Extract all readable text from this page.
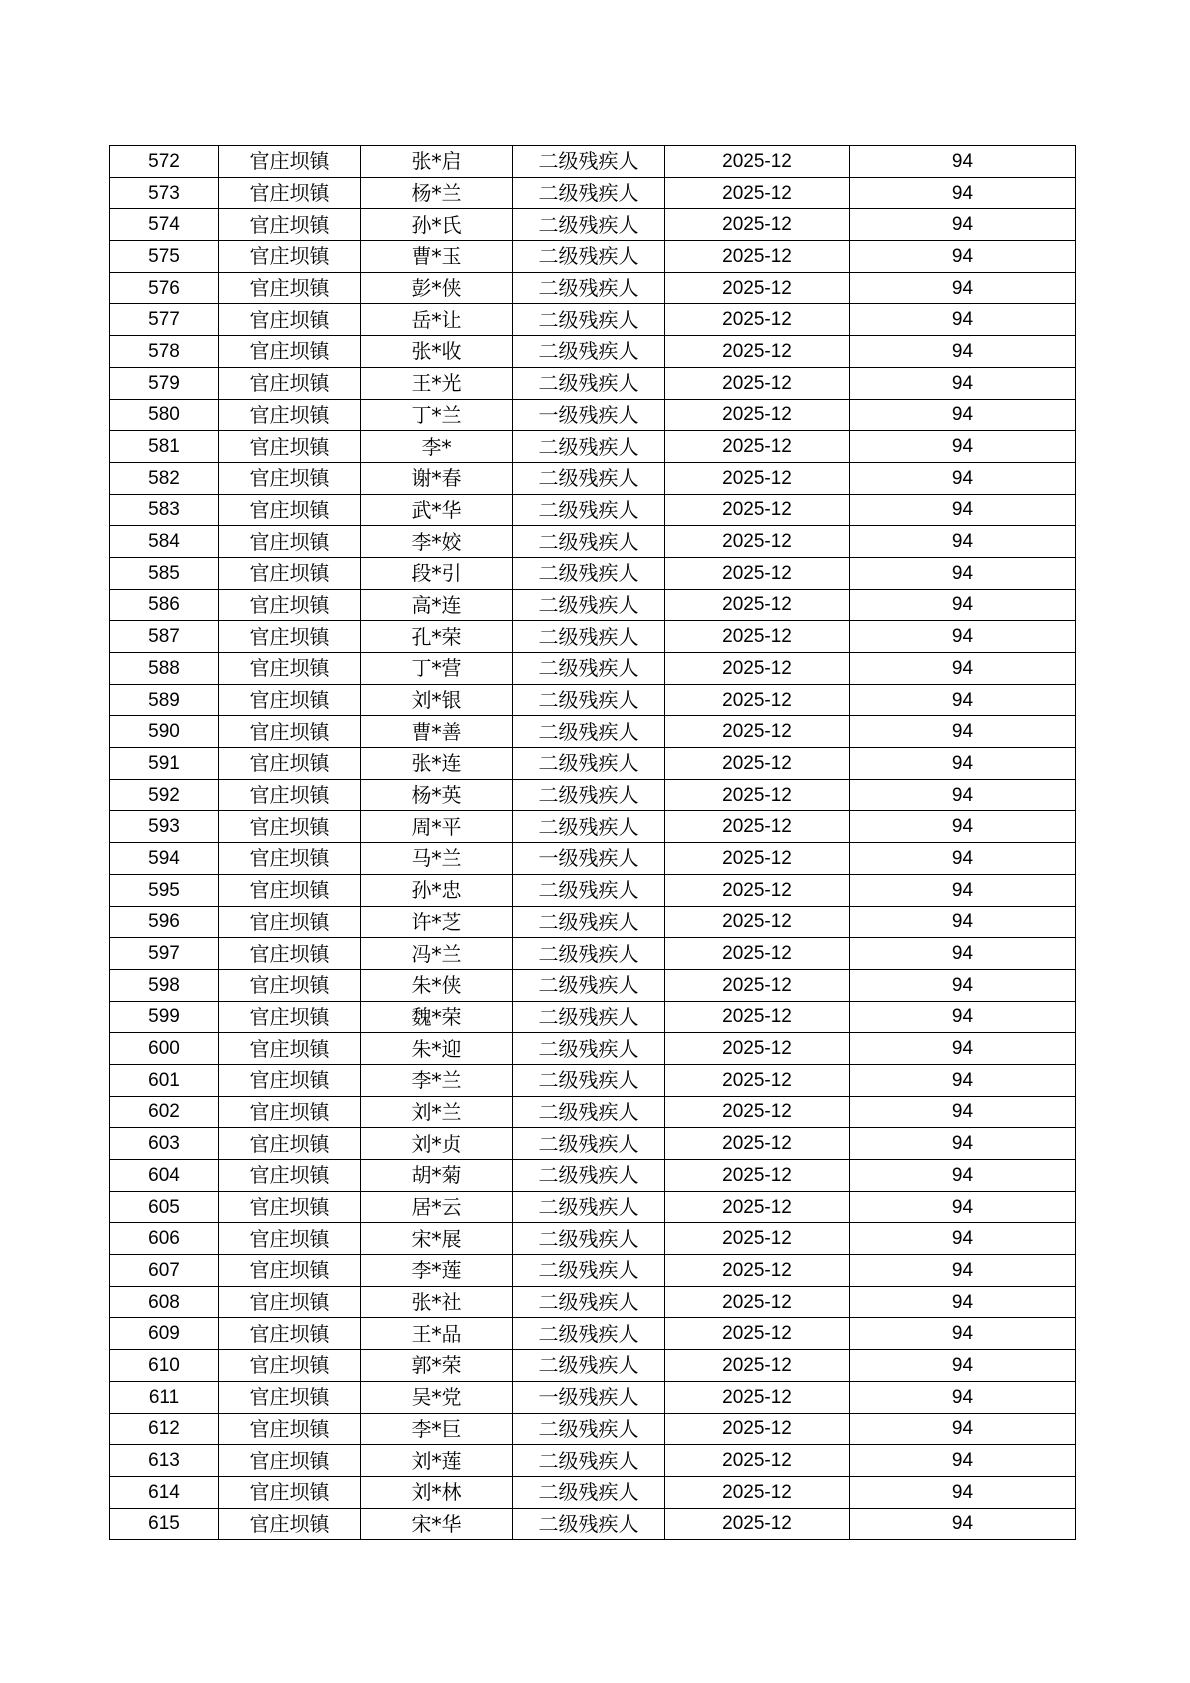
572	官庄坝镇	张*启	二级残疾人	2025-12	94
573	官庄坝镇	杨*兰	二级残疾人	2025-12	94
574	官庄坝镇	孙*氏	二级残疾人	2025-12	94
575	官庄坝镇	曹*玉	二级残疾人	2025-12	94
576	官庄坝镇	彭*侠	二级残疾人	2025-12	94
577	官庄坝镇	岳*让	二级残疾人	2025-12	94
578	官庄坝镇	张*收	二级残疾人	2025-12	94
579	官庄坝镇	王*光	二级残疾人	2025-12	94
580	官庄坝镇	丁*兰	一级残疾人	2025-12	94
581	官庄坝镇	李*	二级残疾人	2025-12	94
582	官庄坝镇	谢*春	二级残疾人	2025-12	94
583	官庄坝镇	武*华	二级残疾人	2025-12	94
584	官庄坝镇	李*姣	二级残疾人	2025-12	94
585	官庄坝镇	段*引	二级残疾人	2025-12	94
586	官庄坝镇	高*连	二级残疾人	2025-12	94
587	官庄坝镇	孔*荣	二级残疾人	2025-12	94
588	官庄坝镇	丁*营	二级残疾人	2025-12	94
589	官庄坝镇	刘*银	二级残疾人	2025-12	94
590	官庄坝镇	曹*善	二级残疾人	2025-12	94
591	官庄坝镇	张*连	二级残疾人	2025-12	94
592	官庄坝镇	杨*英	二级残疾人	2025-12	94
593	官庄坝镇	周*平	二级残疾人	2025-12	94
594	官庄坝镇	马*兰	一级残疾人	2025-12	94
595	官庄坝镇	孙*忠	二级残疾人	2025-12	94
596	官庄坝镇	许*芝	二级残疾人	2025-12	94
597	官庄坝镇	冯*兰	二级残疾人	2025-12	94
598	官庄坝镇	朱*侠	二级残疾人	2025-12	94
599	官庄坝镇	魏*荣	二级残疾人	2025-12	94
600	官庄坝镇	朱*迎	二级残疾人	2025-12	94
601	官庄坝镇	李*兰	二级残疾人	2025-12	94
602	官庄坝镇	刘*兰	二级残疾人	2025-12	94
603	官庄坝镇	刘*贞	二级残疾人	2025-12	94
604	官庄坝镇	胡*菊	二级残疾人	2025-12	94
605	官庄坝镇	居*云	二级残疾人	2025-12	94
606	官庄坝镇	宋*展	二级残疾人	2025-12	94
607	官庄坝镇	李*莲	二级残疾人	2025-12	94
608	官庄坝镇	张*社	二级残疾人	2025-12	94
609	官庄坝镇	王*品	二级残疾人	2025-12	94
610	官庄坝镇	郭*荣	二级残疾人	2025-12	94
611	官庄坝镇	吴*党	一级残疾人	2025-12	94
612	官庄坝镇	李*巨	二级残疾人	2025-12	94
613	官庄坝镇	刘*莲	二级残疾人	2025-12	94
614	官庄坝镇	刘*林	二级残疾人	2025-12	94
615	官庄坝镇	宋*华	二级残疾人	2025-12	94
